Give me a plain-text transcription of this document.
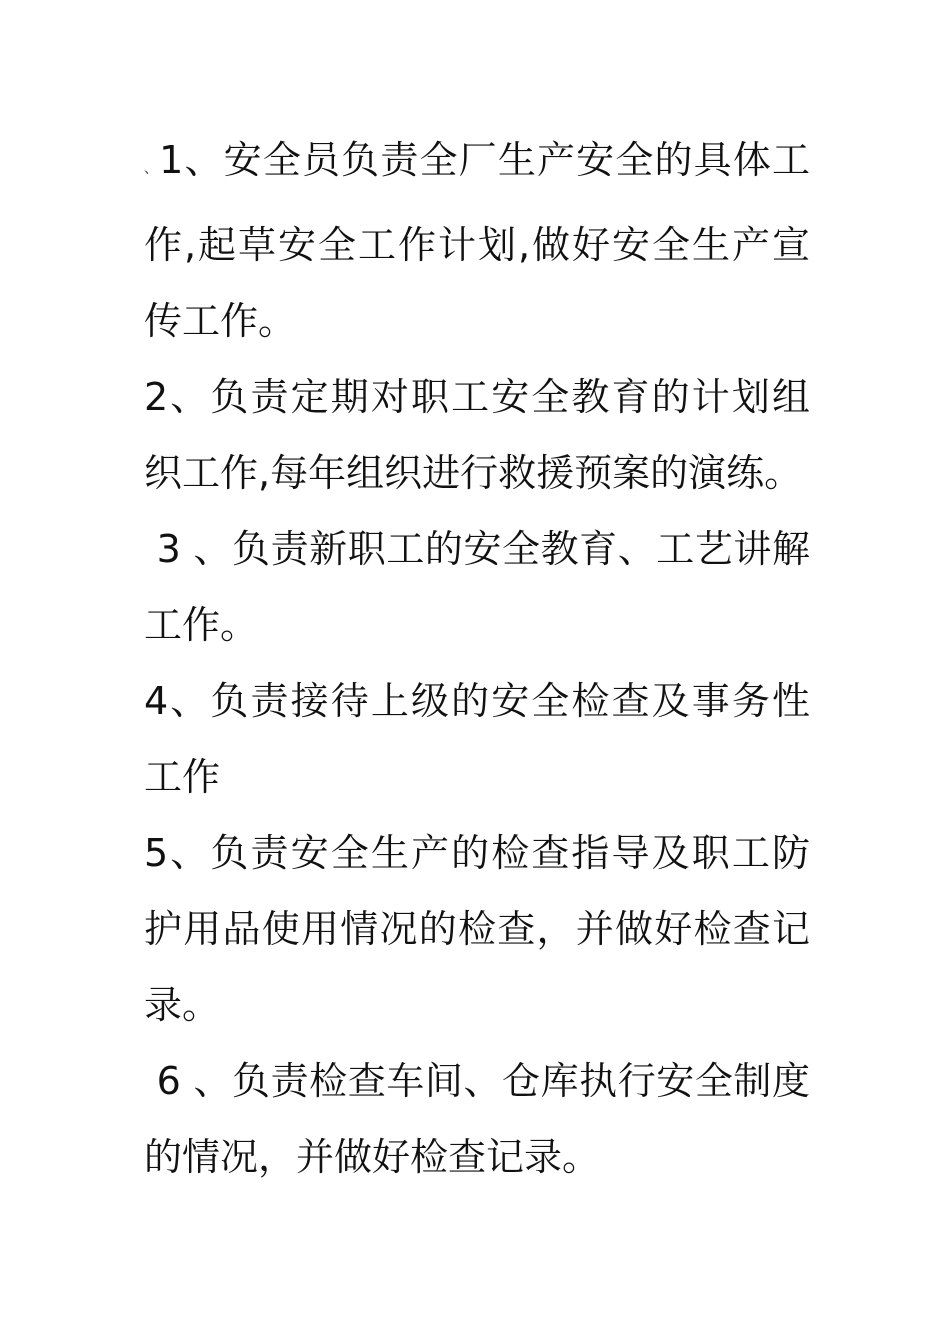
、1、安全员负责全厂生产安全的具体工作,起草安全工作计划,做好安全生产宣传工作。

2、负责定期对职工安全教育的计划组织工作,每年组织进行救援预案的演练。

3 、负责新职工的安全教育、工艺讲解工作。

4、负责接待上级的安全检查及事务性工作

5、负责安全生产的检查指导及职工防护用品使用情况的检查，并做好检查记录。

6 、负责检查车间、仓库执行安全制度的情况，并做好检查记录。
